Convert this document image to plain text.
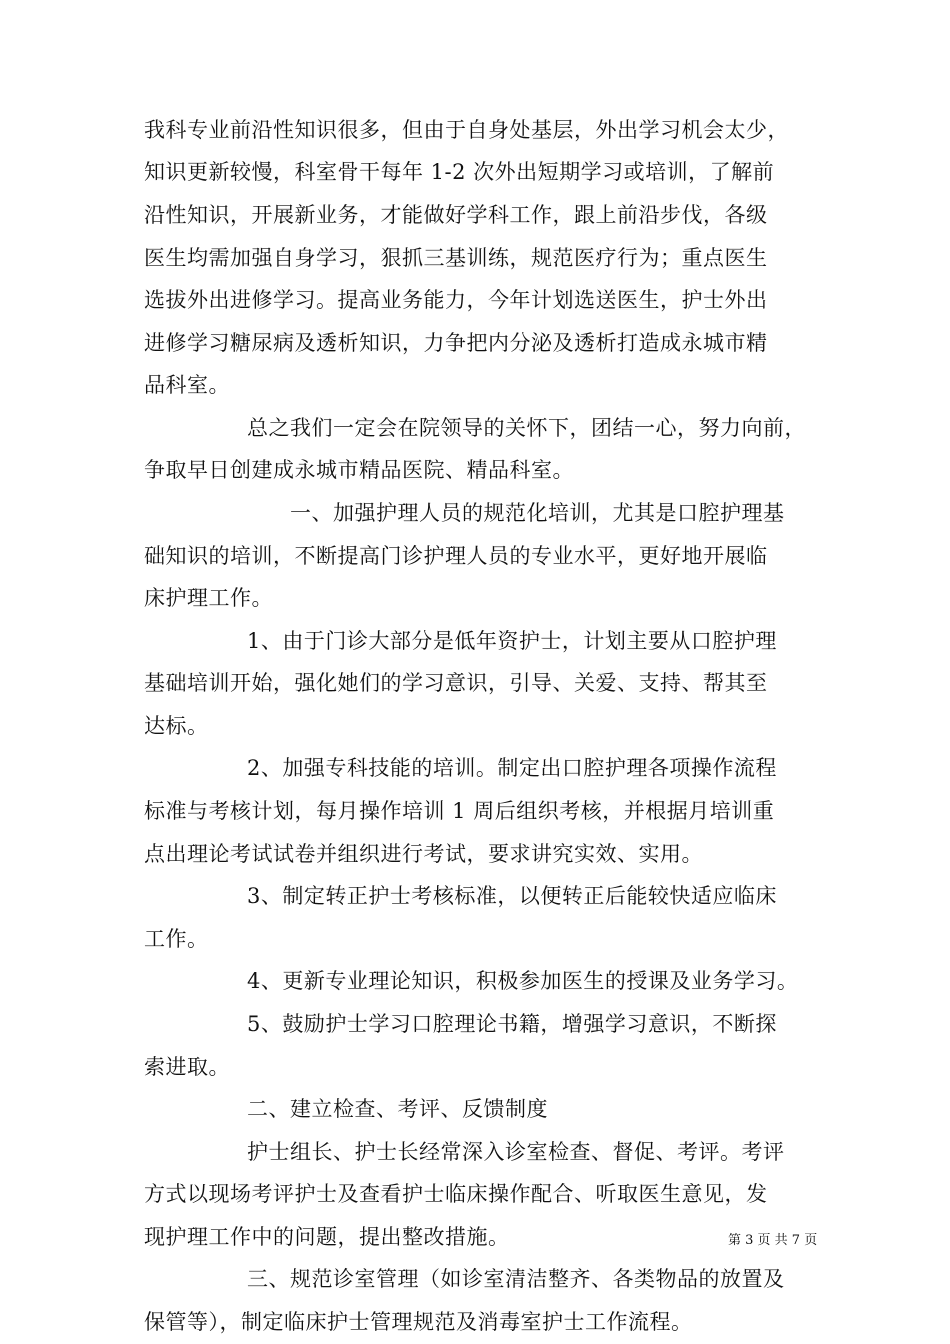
我科专业前沿性知识很多，但由于自身处基层，外出学习机会太少，
知识更新较慢，科室骨干每年 1-2 次外出短期学习或培训，了解前
沿性知识，开展新业务，才能做好学科工作，跟上前沿步伐，各级
医生均需加强自身学习，狠抓三基训练，规范医疗行为；重点医生
选拔外出进修学习。提高业务能力，今年计划选送医生，护士外出
进修学习糖尿病及透析知识，力争把内分泌及透析打造成永城市精
品科室。
总之我们一定会在院领导的关怀下，团结一心，努力向前，
争取早日创建成永城市精品医院、精品科室。
一、加强护理人员的规范化培训，尤其是口腔护理基
础知识的培训，不断提高门诊护理人员的专业水平，更好地开展临
床护理工作。
1、由于门诊大部分是低年资护士，计划主要从口腔护理
基础培训开始，强化她们的学习意识，引导、关爱、支持、帮其至
达标。
2、加强专科技能的培训。制定出口腔护理各项操作流程
标准与考核计划，每月操作培训 1 周后组织考核，并根据月培训重
点出理论考试试卷并组织进行考试，要求讲究实效、实用。
3、制定转正护士考核标准，以便转正后能较快适应临床
工作。
4、更新专业理论知识，积极参加医生的授课及业务学习。
5、鼓励护士学习口腔理论书籍，增强学习意识，不断探
索进取。
二、建立检查、考评、反馈制度
护士组长、护士长经常深入诊室检查、督促、考评。考评
方式以现场考评护士及查看护士临床操作配合、听取医生意见，发
现护理工作中的问题，提出整改措施。
三、规范诊室管理（如诊室清洁整齐、各类物品的放置及
保管等），制定临床护士管理规范及消毒室护士工作流程。
第 3 页 共 7 页
